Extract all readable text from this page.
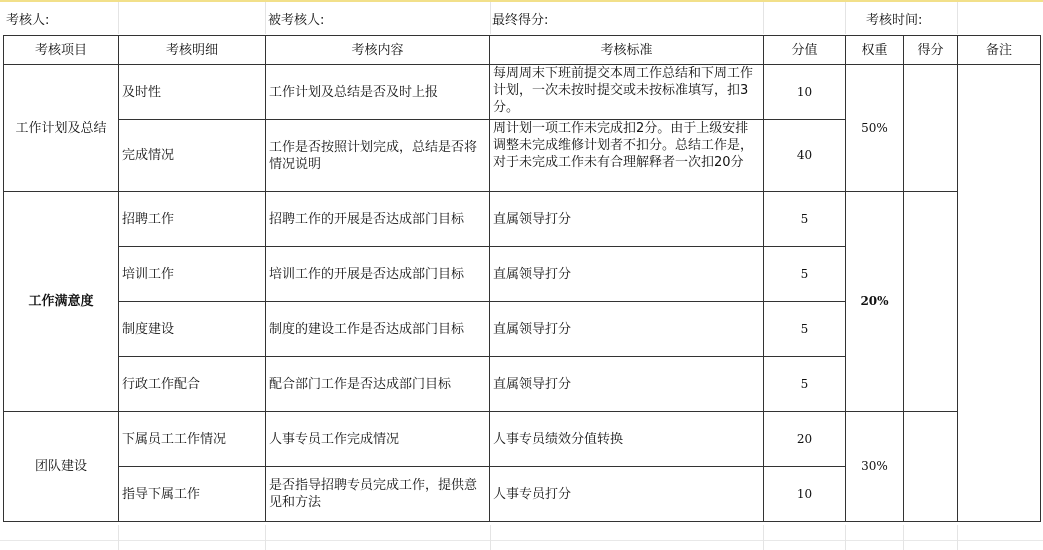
考核人:	被考核人:	最终得分:	考核时间:
考核项目	考核明细	考核内容	考核标准	分值	权重	得分	备注
工作计划及总结	及时性	工作计划及总结是否及时上报	每周周末下班前提交本周工作总结和下周工作计划，一次未按时提交或未按标准填写，扣3分。	10	50%		
	完成情况	工作是否按照计划完成，总结是否将情况说明	周计划一项工作未完成扣2分。由于上级安排调整未完成维修计划者不扣分。总结工作是，对于未完成工作未有合理解释者一次扣20分	40			
工作满意度	招聘工作	招聘工作的开展是否达成部门目标	直属领导打分	5	20%		
	培训工作	培训工作的开展是否达成部门目标	直属领导打分	5			
	制度建设	制度的建设工作是否达成部门目标	直属领导打分	5			
	行政工作配合	配合部门工作是否达成部门目标	直属领导打分	5			
团队建设	下属员工工作情况	人事专员工作完成情况	人事专员绩效分值转换	20	30%		
	指导下属工作	是否指导招聘专员完成工作，提供意见和方法	人事专员打分	10			
